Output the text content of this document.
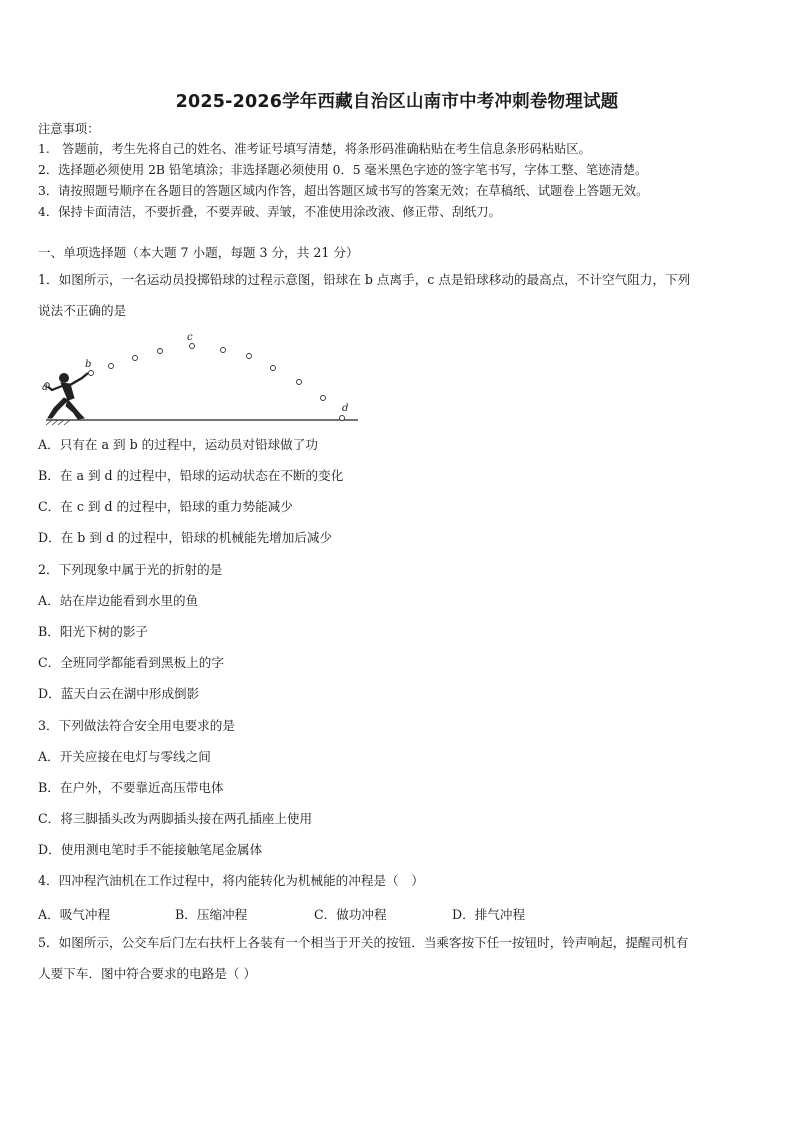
2025-2026学年西藏自治区山南市中考冲刺卷物理试题
注意事项：
1.　答题前，考生先将自己的姓名、准考证号填写清楚，将条形码准确粘贴在考生信息条形码粘贴区。
2．选择题必须使用 2B 铅笔填涂；非选择题必须使用 0．5 毫米黑色字迹的签字笔书写，字体工整、笔迹清楚。
3．请按照题号顺序在各题目的答题区域内作答，超出答题区域书写的答案无效；在草稿纸、试题卷上答题无效。
4．保持卡面清洁，不要折叠，不要弄破、弄皱，不准使用涂改液、修正带、刮纸刀。
一、单项选择题（本大题 7 小题，每题 3 分，共 21 分）
1．如图所示，一名运动员投掷铅球的过程示意图，铅球在 b 点离手，c 点是铅球移动的最高点，不计空气阻力，下列
说法不正确的是
a
b
c
d
A．只有在 a 到 b 的过程中，运动员对铅球做了功
B．在 a 到 d 的过程中，铅球的运动状态在不断的变化
C．在 c 到 d 的过程中，铅球的重力势能减少
D．在 b 到 d 的过程中，铅球的机械能先增加后减少
2．下列现象中属于光的折射的是
A．站在岸边能看到水里的鱼
B．阳光下树的影子
C．全班同学都能看到黑板上的字
D．蓝天白云在湖中形成倒影
3．下列做法符合安全用电要求的是
A．开关应接在电灯与零线之间
B．在户外，不要靠近高压带电体
C．将三脚插头改为两脚插头接在两孔插座上使用
D．使用测电笔时手不能接触笔尾金属体
4．四冲程汽油机在工作过程中，将内能转化为机械能的冲程是（　）
A．吸气冲程	B．压缩冲程	C．做功冲程	D．排气冲程
5．如图所示，公交车后门左右扶杆上各装有一个相当于开关的按钮．当乘客按下任一按钮时，铃声响起，提醒司机有
人要下车．图中符合要求的电路是（ ）
